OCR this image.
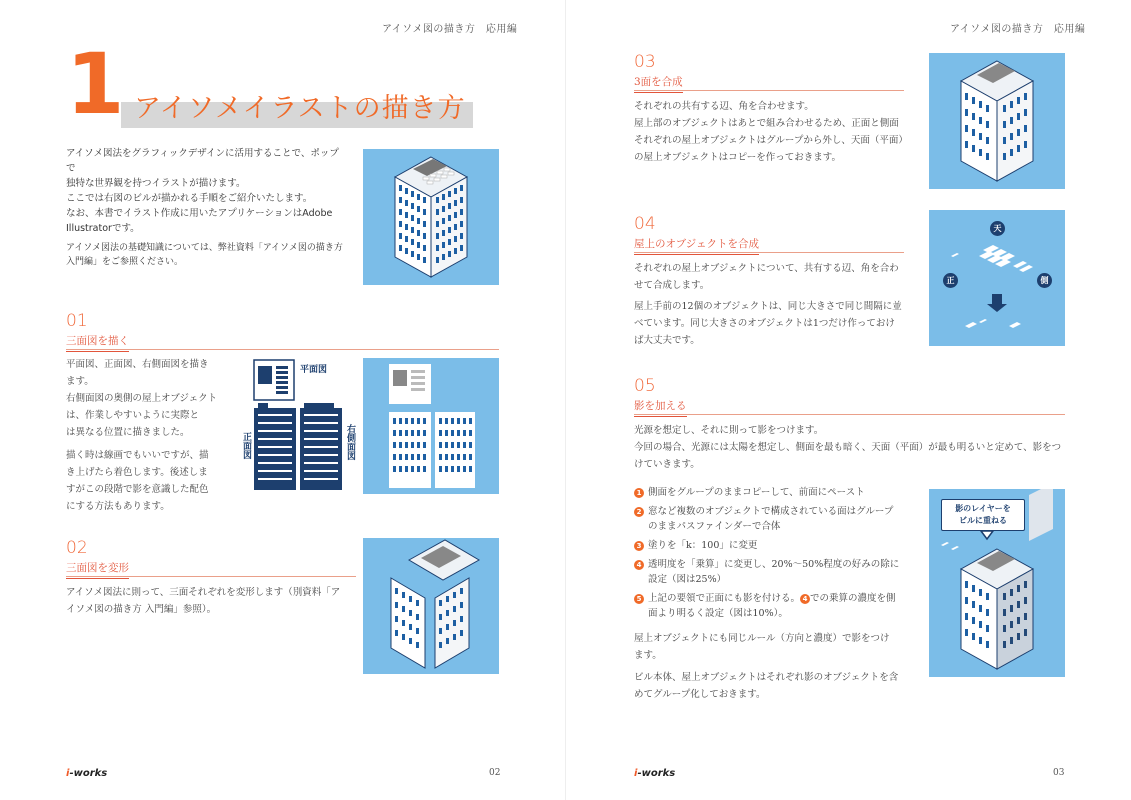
アイソメ図の描き方　応用編
1 アイソメイラストの描き方
アイソメ図法をグラフィックデザインに活用することで、ポップで
独特な世界観を持つイラストが描けます。
ここでは右図のビルが描かれる手順をご紹介いたします。
なお、本書でイラスト作成に用いたアプリケーションはAdobe
Illustratorです。
アイソメ図法の基礎知識については、弊社資料「アイソメ図の描き方
入門編」をご参照ください。
01
三面図を描く
平面図、正面図、右側面図を描き
ます。
右側面図の奥側の屋上オブジェクト
は、作業しやすいように実際と
は異なる位置に描きました。
描く時は線画でもいいですが、描
き上げたら着色します。後述しま
すがこの段階で影を意識した配色
にする方法もあります。
平面図
正面図	右側面図
02
三面図を変形
アイソメ図法に則って、三面それぞれを変形します（別資料「ア
イソメ図の描き方 入門編」参照）。
i-works	02
アイソメ図の描き方　応用編
03
3面を合成
それぞれの共有する辺、角を合わせます。
屋上部のオブジェクトはあとで組み合わせるため、正面と側面
それぞれの屋上オブジェクトはグループから外し、天面（平面）
の屋上オブジェクトはコピーを作っておきます。
04
屋上のオブジェクトを合成
それぞれの屋上オブジェクトについて、共有する辺、角を合わ
せて合成します。
屋上手前の12個のオブジェクトは、同じ大きさで同じ間隔に並
べています。同じ大きさのオブジェクトは1つだけ作っておけ
ば大丈夫です。
天
正	側
05
影を加える
光源を想定し、それに則って影をつけます。
今回の場合、光源には太陽を想定し、側面を最も暗く、天面（平面）が最も明るいと定めて、影をつ
けていきます。
1 側面をグループのままコピーして、前面にペースト
2 窓など複数のオブジェクトで構成されている面はグループ
のままパスファインダーで合体
3 塗りを「k：100」に変更
4 透明度を「乗算」に変更し、20%～50%程度の好みの除に
設定（図は25%）
5 上記の要領で正面にも影を付ける。 4 での乗算の濃度を側
面より明るく設定（図は10%）。
屋上オブジェクトにも同じルール（方向と濃度）で影をつけ
ます。
ビル本体、屋上オブジェクトはそれぞれ影のオブジェクトを含
めてグループ化しておきます。
影のレイヤーを
ビルに重ねる
i-works	03
